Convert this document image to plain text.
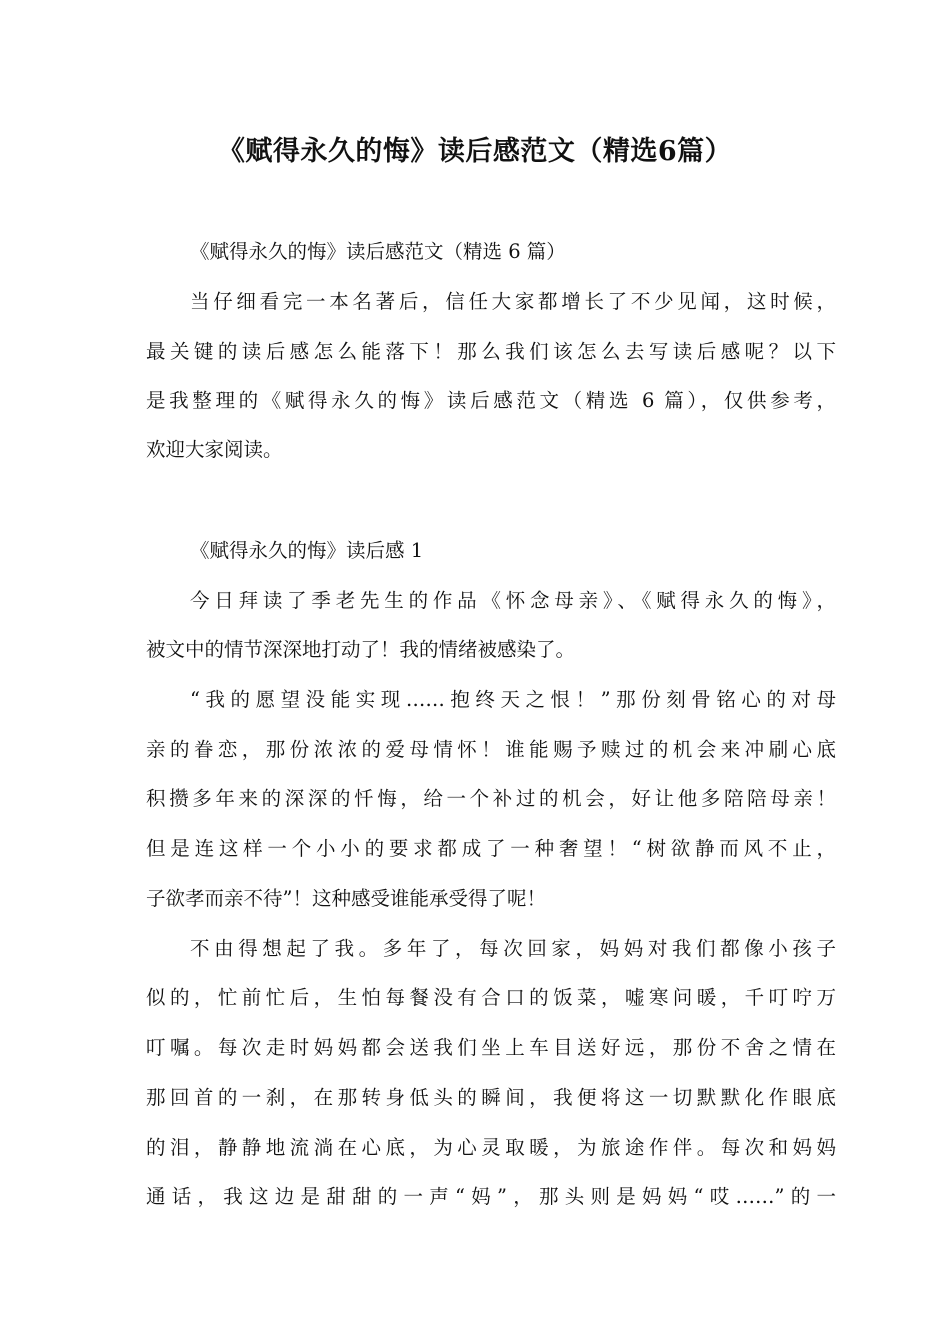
《赋得永久的悔》读后感范文（精选6篇）

《赋得永久的悔》读后感范文（精选 6 篇）

当仔细看完一本名著后，信任大家都增长了不少见闻，这时候，

最关键的读后感怎么能落下！那么我们该怎么去写读后感呢？以下

是我整理的《赋得永久的悔》读后感范文（精选 6 篇），仅供参考，

欢迎大家阅读。

《赋得永久的悔》读后感 1

今日拜读了季老先生的作品《怀念母亲》、《赋得永久的悔》，

被文中的情节深深地打动了！我的情绪被感染了。

“我的愿望没能实现……抱终天之恨！”那份刻骨铭心的对母

亲的眷恋，那份浓浓的爱母情怀！谁能赐予赎过的机会来冲刷心底

积攒多年来的深深的忏悔，给一个补过的机会，好让他多陪陪母亲！

但是连这样一个小小的要求都成了一种奢望！“树欲静而风不止，

子欲孝而亲不待”！这种感受谁能承受得了呢！

不由得想起了我。多年了，每次回家，妈妈对我们都像小孩子

似的，忙前忙后，生怕每餐没有合口的饭菜，嘘寒问暖，千叮咛万

叮嘱。每次走时妈妈都会送我们坐上车目送好远，那份不舍之情在

那回首的一刹，在那转身低头的瞬间，我便将这一切默默化作眼底

的泪，静静地流淌在心底，为心灵取暖，为旅途作伴。每次和妈妈

通话，我这边是甜甜的一声“妈”，那头则是妈妈“哎……”的一
